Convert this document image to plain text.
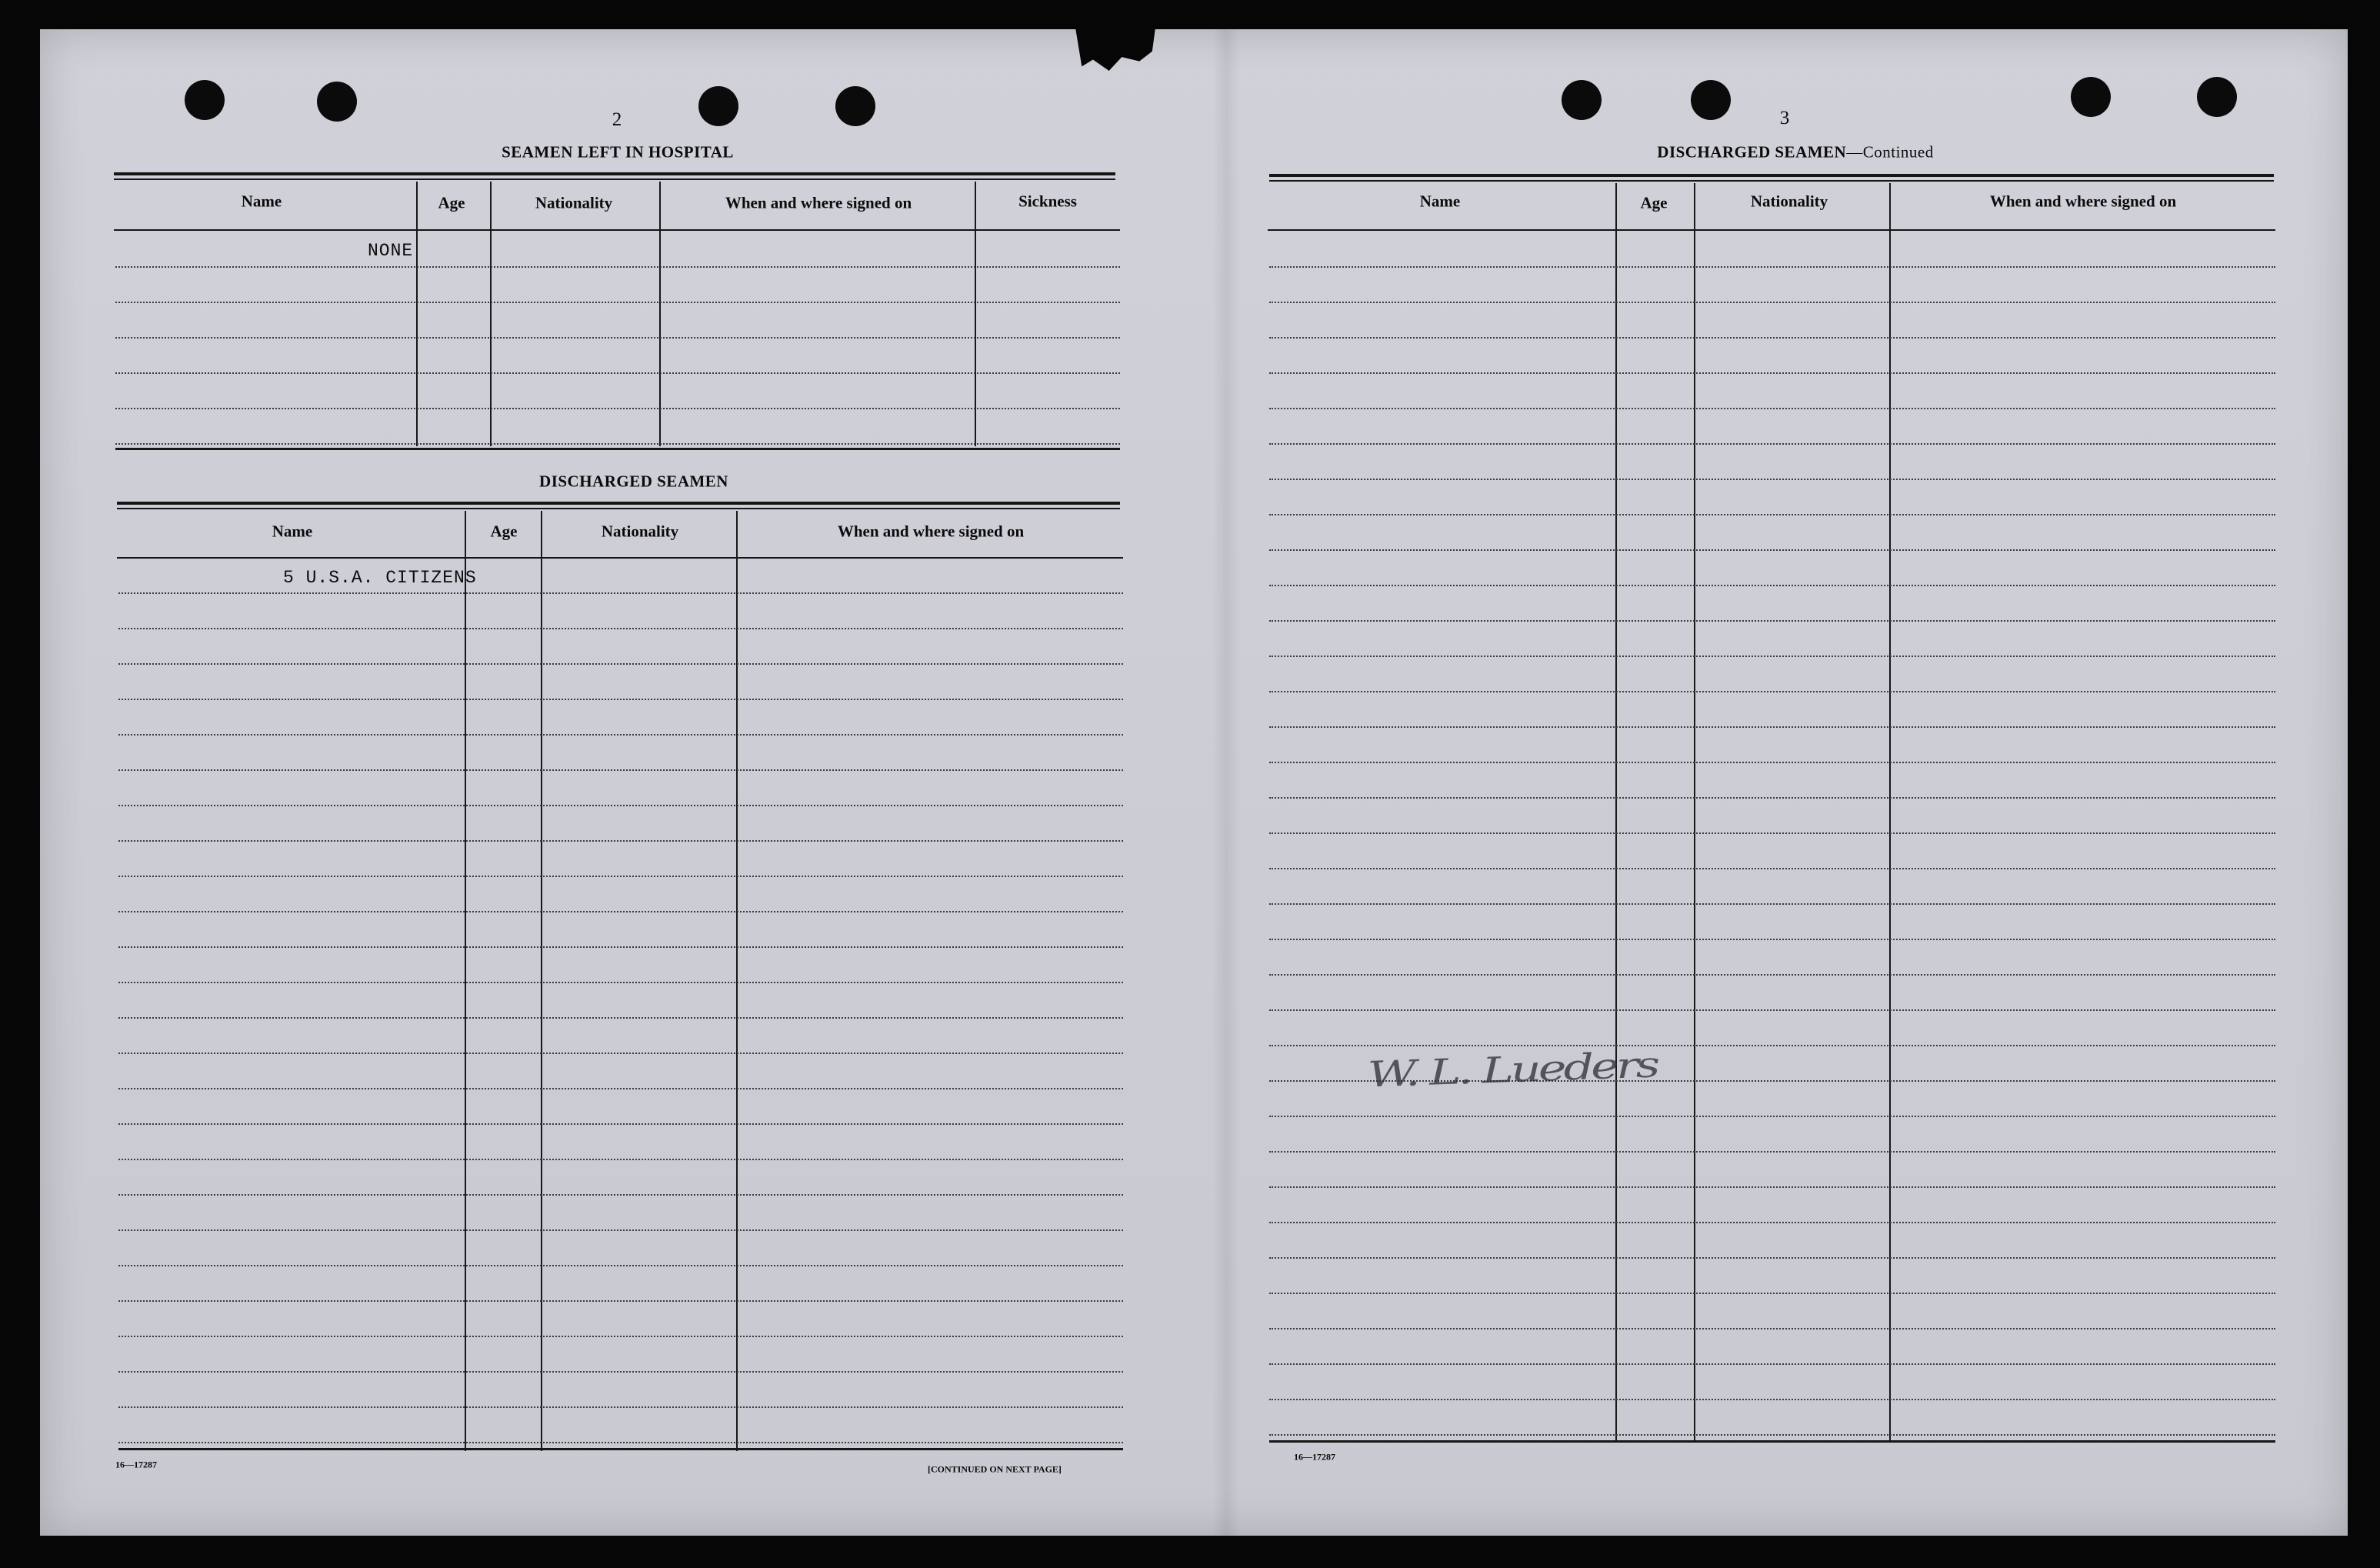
2
SEAMEN LEFT IN HOSPITAL
Name	Age	Nationality	When and where signed on	Sickness
NONE
DISCHARGED SEAMEN
Name	Age	Nationality	When and where signed on
5 U.S.A. CITIZENS
16—17287	[CONTINUED ON NEXT PAGE]
3
DISCHARGED SEAMEN—Continued
Name	Age	Nationality	When and where signed on
W. L. Lueders
16—17287
